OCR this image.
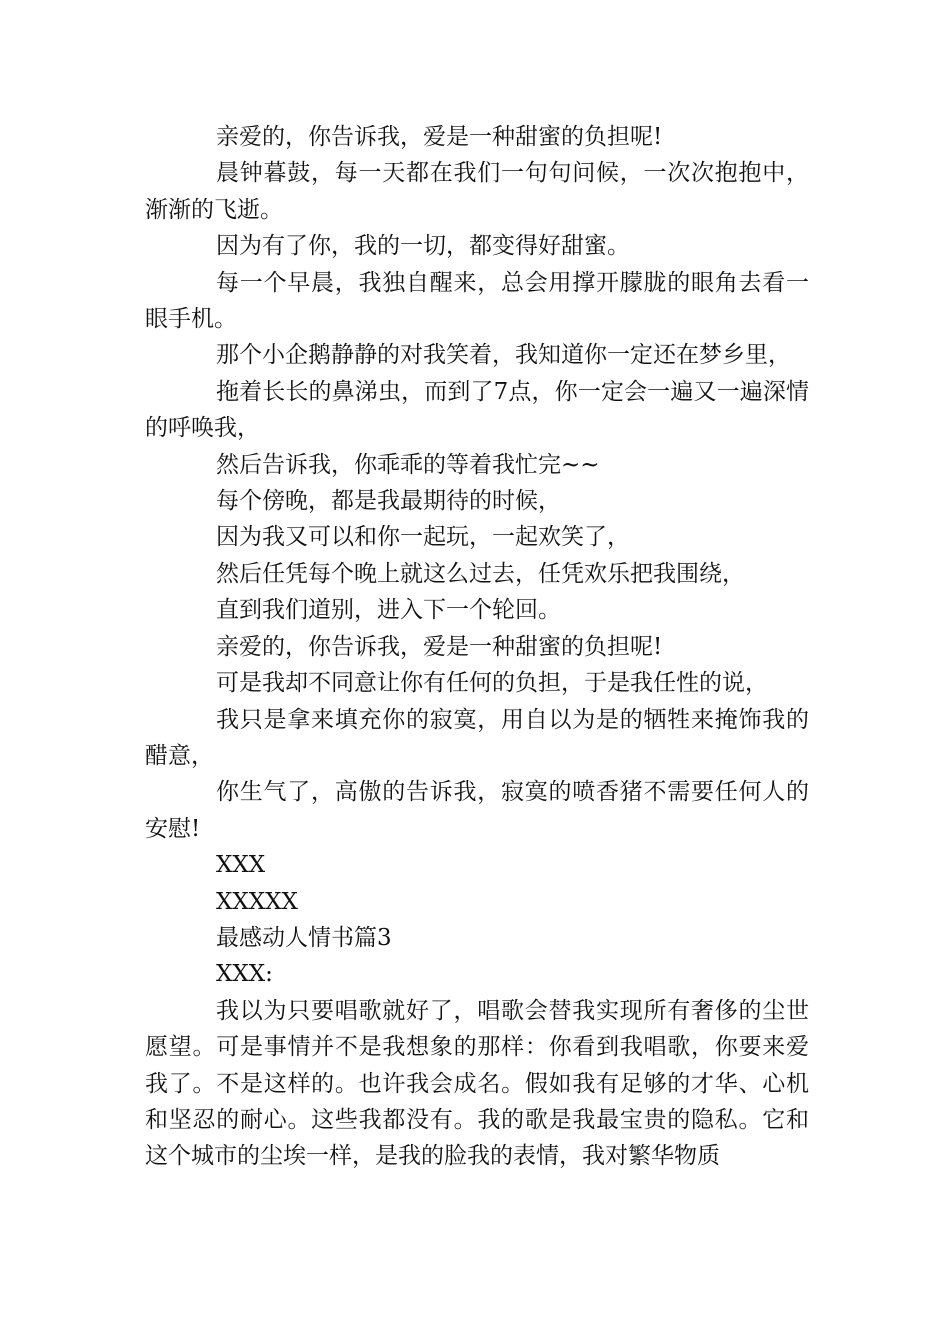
亲爱的，你告诉我，爱是一种甜蜜的负担呢!

晨钟暮鼓，每一天都在我们一句句问候，一次次抱抱中，渐渐的飞逝。

因为有了你，我的一切，都变得好甜蜜。

每一个早晨，我独自醒来，总会用撑开朦胧的眼角去看一眼手机。

那个小企鹅静静的对我笑着，我知道你一定还在梦乡里，

拖着长长的鼻涕虫，而到了7点，你一定会一遍又一遍深情的呼唤我，

然后告诉我，你乖乖的等着我忙完~~

每个傍晚，都是我最期待的时候，

因为我又可以和你一起玩，一起欢笑了，

然后任凭每个晚上就这么过去，任凭欢乐把我围绕，

直到我们道别，进入下一个轮回。

亲爱的，你告诉我，爱是一种甜蜜的负担呢!

可是我却不同意让你有任何的负担，于是我任性的说，

我只是拿来填充你的寂寞，用自以为是的牺牲来掩饰我的醋意，

你生气了，高傲的告诉我，寂寞的喷香猪不需要任何人的安慰!

XXX

XXXXX

最感动人情书篇3

XXX:

我以为只要唱歌就好了，唱歌会替我实现所有奢侈的尘世愿望。可是事情并不是我想象的那样：你看到我唱歌，你要来爱我了。不是这样的。也许我会成名。假如我有足够的才华、心机和坚忍的耐心。这些我都没有。我的歌是我最宝贵的隐私。它和这个城市的尘埃一样，是我的脸我的表情，我对繁华物质
